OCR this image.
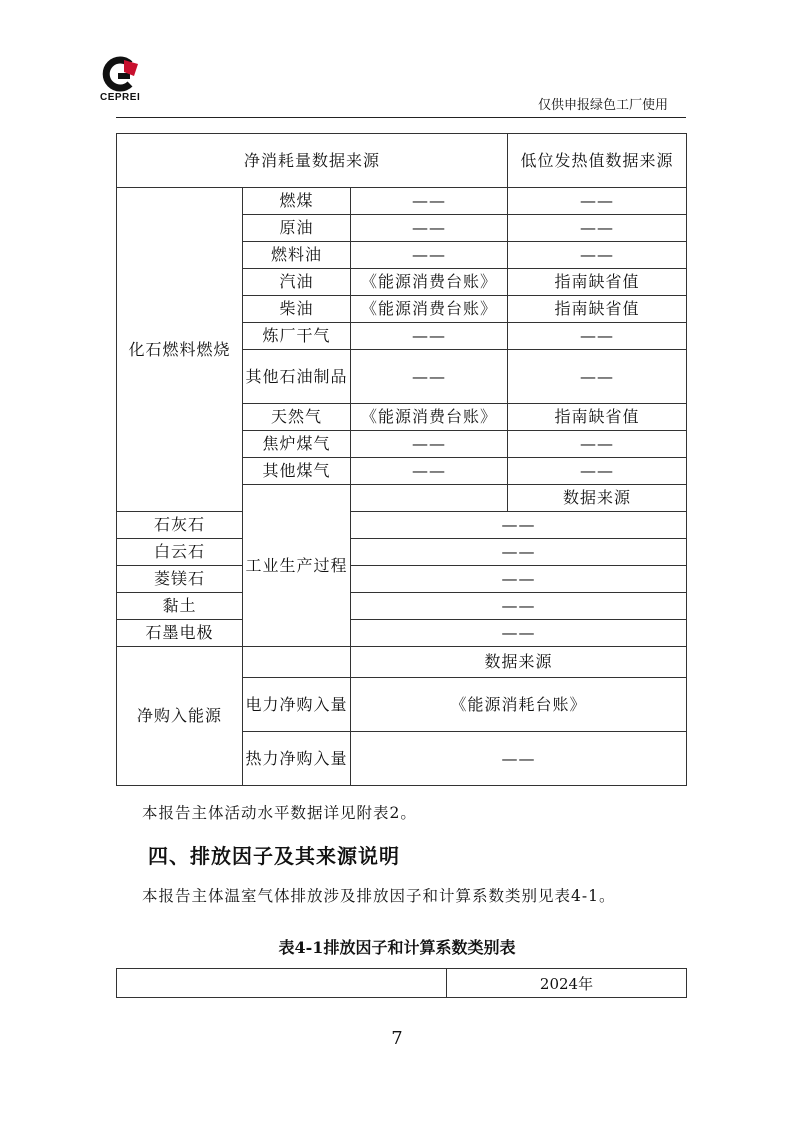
CEPREI
仅供申报绿色工厂使用
净消耗量数据来源			低位发热值数据来源
化石燃料燃烧	燃煤	——	——
	原油	——	——
	燃料油	——	——
	汽油	《能源消费台账》	指南缺省值
	柴油	《能源消费台账》	指南缺省值
	炼厂干气	——	——
	其他石油制品	——	——
	天然气	《能源消费台账》	指南缺省值
	焦炉煤气	——	——
	其他煤气	——	——
	工业生产过程		数据来源
石灰石		——	
白云石		——	
菱镁石		——	
黏土		——	
石墨电极		——	
净购入能源		数据来源	
	电力净购入量	《能源消耗台账》	
	热力净购入量	——	
本报告主体活动水平数据详见附表2。
四、排放因子及其来源说明
本报告主体温室气体排放涉及排放因子和计算系数类别见表4-1。
表4-1排放因子和计算系数类别表
	2024年
7
